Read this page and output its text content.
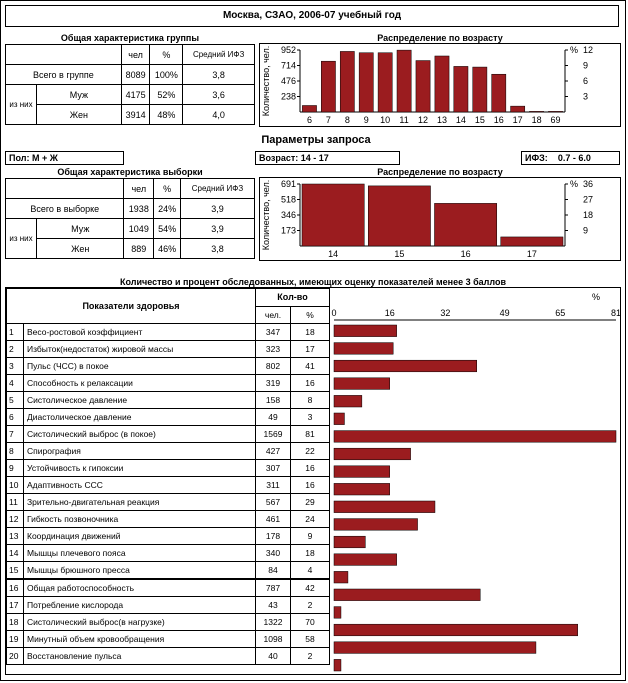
Москва, СЗАО, 2006-07 учебный год
Общая характеристика группы
		чел	%	Средний ИФЗ
Всего в группе		8089	100%	3,8
из них	Муж	4175	52%	3,6
	Жен	3914	48%	4,0
Распределение по возрасту
Количество, чел. 952
714
476
238
12
9
6
3
%
6 7 8 9 10 11 12 13 14 15 16 17 18 69
Параметры запроса
Пол: М + Ж	Возраст: 14 - 17	ИФЗ: 0.7 - 6.0
Общая характеристика выборки
		чел	%	Средний ИФЗ
Всего в выборке		1938	24%	3,9
из них	Муж	1049	54%	3,9
	Жен	889	46%	3,8
Распределение по возрасту
Количество, чел. 691
518
346
173
36
27
18
9
%
14	15	16	17
Количество и процент обследованных, имеющих оценку показателей менее 3 баллов
Показатели здоровья		Кол-во	
		чел.	%
1	Весо-ростовой коэффициент	347	18
2	Избыток(недостаток) жировой массы	323	17
3	Пульс (ЧСС) в покое	802	41
4	Способность к релаксации	319	16
5	Систолическое давление	158	8
6	Диастолическое давление	49	3
7	Систолический выброс (в покое)	1569	81
8	Спирография	427	22
9	Устойчивость к гипоксии	307	16
10	Адаптивность ССС	311	16
11	Зрительно-двигательная реакция	567	29
12	Гибкость позвоночника	461	24
13	Координация движений	178	9
14	Мышцы плечевого пояса	340	18
15	Мышцы брюшного пресса	84	4
16	Общая работоспособность	787	42
17	Потребление кислорода	43	2
18	Систолический выброс(в нагрузке)	1322	70
19	Минутный объем кровообращения	1098	58
20	Восстановление пульса	40	2
%
0	16	32	49	65	81
